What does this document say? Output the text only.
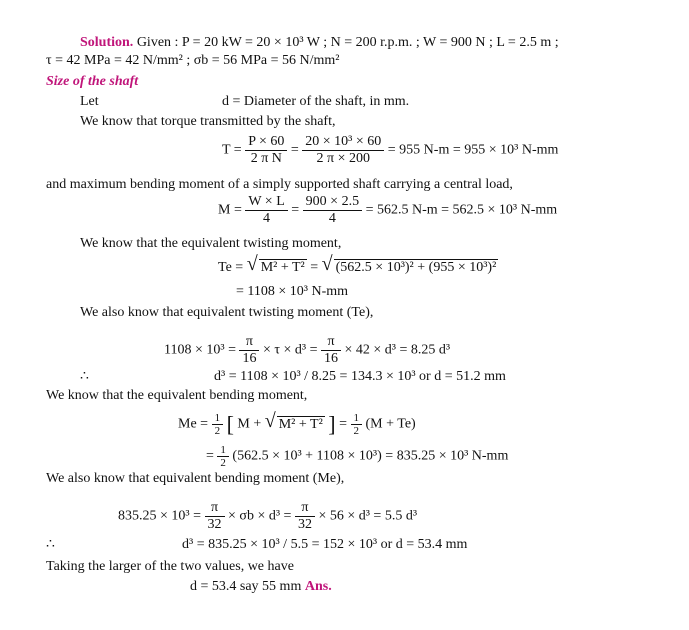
Solution. Given : P = 20 kW = 20 × 10³ W ; N = 200 r.p.m. ; W = 900 N ; L = 2.5 m ;
τ = 42 MPa = 42 N/mm² ; σb = 56 MPa = 56 N/mm²
Size of the shaft
Let	d = Diameter of the shaft, in mm.
We know that torque transmitted by the shaft,
$T = \frac{P \times 60}{\text{2 π N}} = \frac{\text{20 × 10³ × 60}}{2 \pi \times 200} = 955$ N-m = 955 × 10³ N-mm
and maximum bending moment of a simply supported shaft carrying a central load,
$M = \frac{W \times L}{4} = \frac{900 \times 2.5}{4} = 562.5$ N-m = 562.5 × 10³ N-mm
We know that the equivalent twisting moment,
Te = √ M² + T² = √ (562.5 × 10³)² + (955 × 10³)²
= 1108 × 10³ N-mm
We also know that equivalent twisting moment (Te),
$1108 \times 10^3 = \frac{\pi}{16} \times \tau \times d^3 = \frac{\pi}{16} \times 42 \times d^3 = 8.25$ d³
∴	d³ = 1108 × 10³ / 8.25 = 134.3 × 10³ or d = 51.2 mm
We know that the equivalent bending moment,
$Me = \frac{1}{2}$ [ M + √ M² + T² ] = $\frac{1}{2} (M + Te)$
= $\frac{1}{2} (562.5 \times 10^3 + 1108 \times 10^3) = 835.25 \times 10^3$ N-mm
We also know that equivalent bending moment (Me),
$835.25 \times 10^3 = \frac{\pi}{32} \times \sigma b \times d^3 = \frac{\pi}{32} \times 56 \times d^3 = 5.5$ d³
∴	d³ = 835.25 × 10³ / 5.5 = 152 × 10³ or d = 53.4 mm
Taking the larger of the two values, we have
d = 53.4 say 55 mm Ans.
